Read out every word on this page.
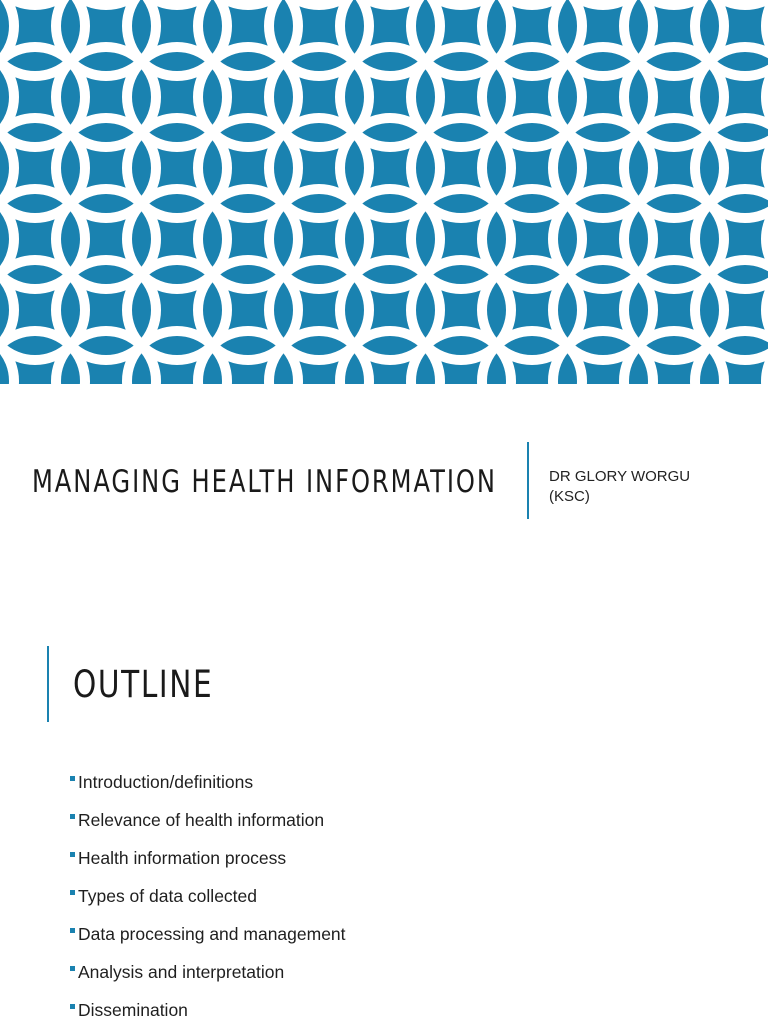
MANAGING HEALTH INFORMATION	DR GLORY WORGU
(KSC)
OUTLINE
Introduction/definitions
Relevance of health information
Health information process
Types of data collected
Data processing and management
Analysis and interpretation
Dissemination
